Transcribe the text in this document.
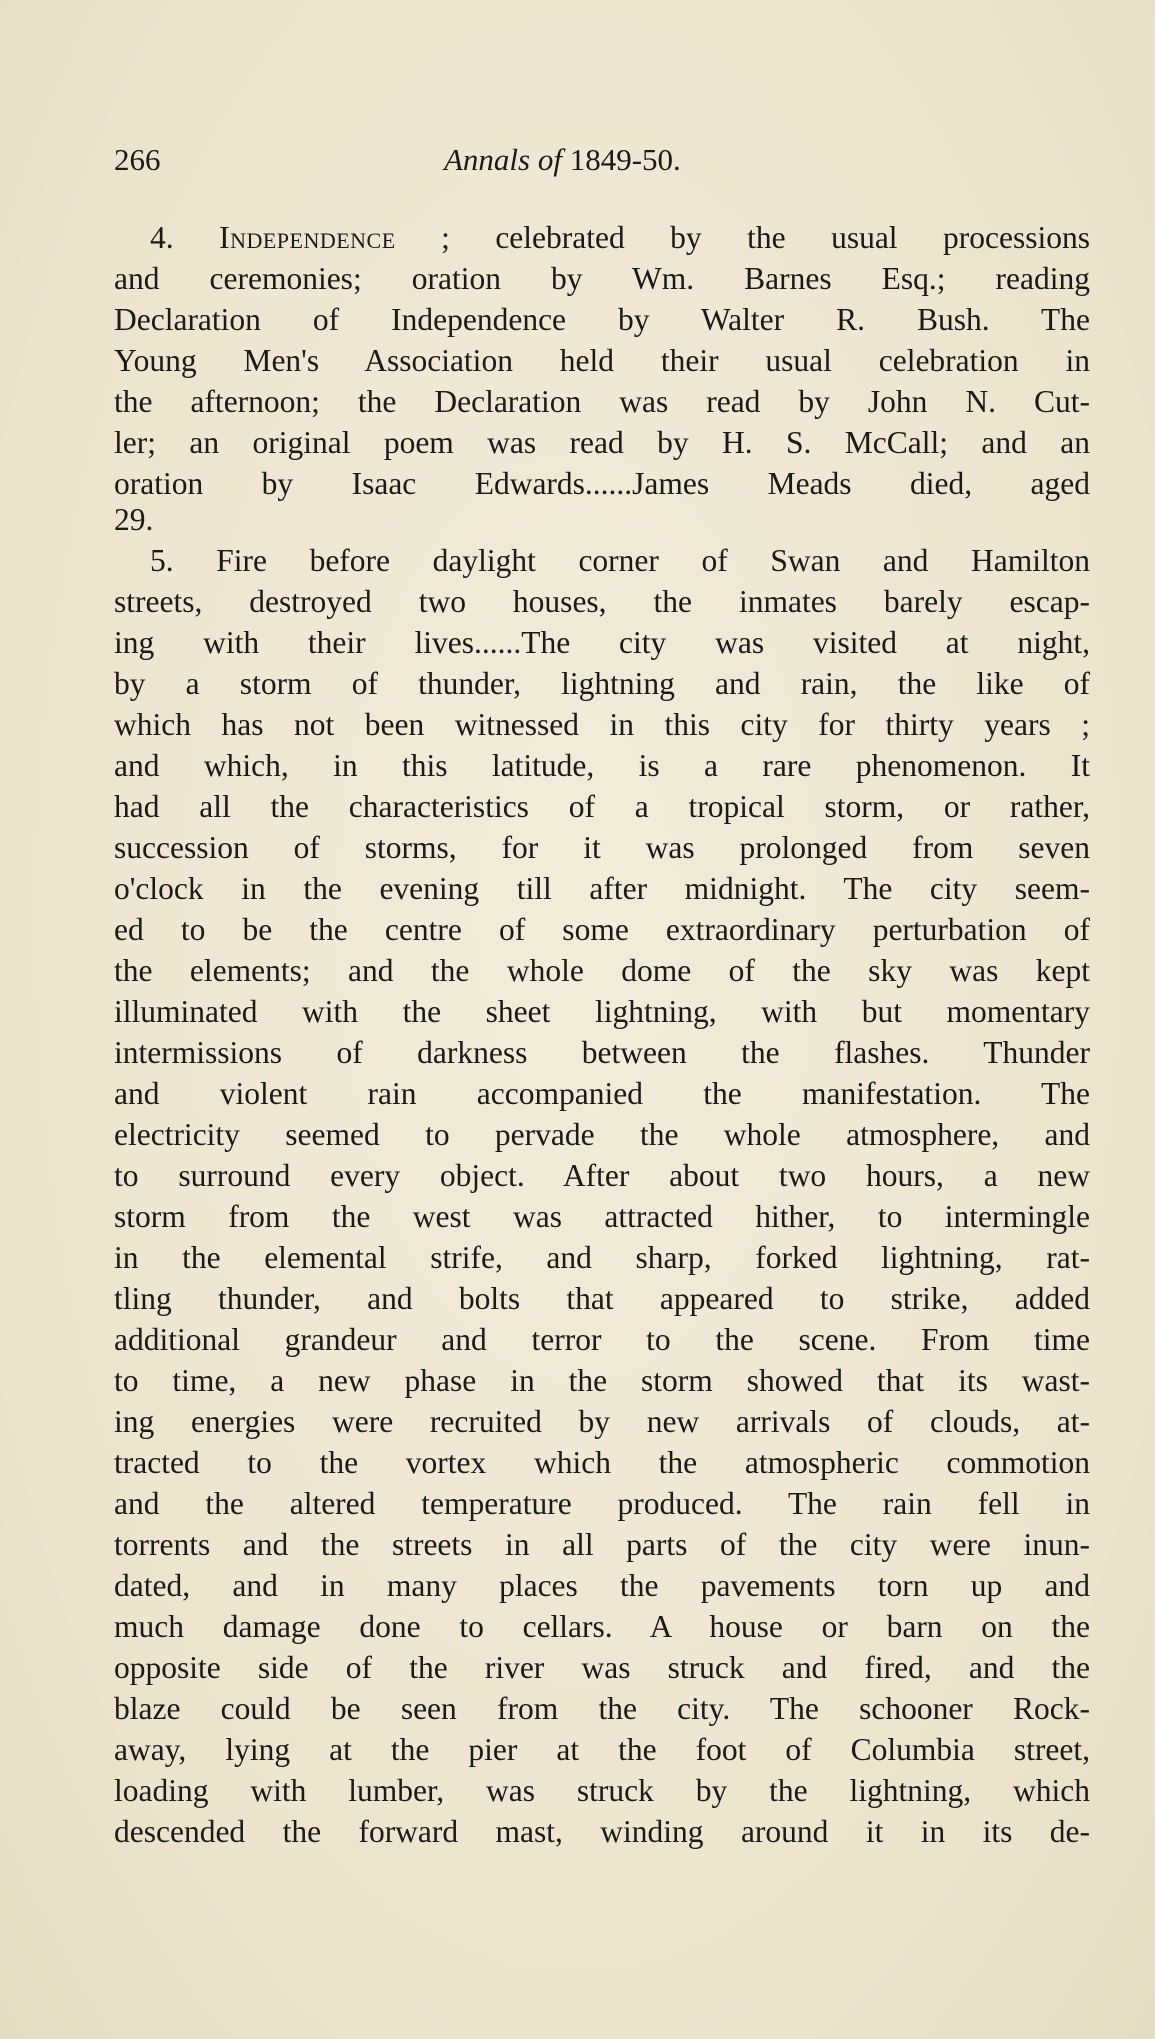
266	Annals of 1849-50.
4. Independence ; celebrated by the usual processions
and ceremonies; oration by Wm. Barnes Esq.; reading
Declaration of Independence by Walter R. Bush. The
Young Men's Association held their usual celebration in
the afternoon; the Declaration was read by John N. Cut-
ler; an original poem was read by H. S. McCall; and an
oration by Isaac Edwards......James Meads died, aged
29.
5. Fire before daylight corner of Swan and Hamilton
streets, destroyed two houses, the inmates barely escap-
ing with their lives......The city was visited at night,
by a storm of thunder, lightning and rain, the like of
which has not been witnessed in this city for thirty years ;
and which, in this latitude, is a rare phenomenon. It
had all the characteristics of a tropical storm, or rather,
succession of storms, for it was prolonged from seven
o'clock in the evening till after midnight. The city seem-
ed to be the centre of some extraordinary perturbation of
the elements; and the whole dome of the sky was kept
illuminated with the sheet lightning, with but momentary
intermissions of darkness between the flashes. Thunder
and violent rain accompanied the manifestation. The
electricity seemed to pervade the whole atmosphere, and
to surround every object. After about two hours, a new
storm from the west was attracted hither, to intermingle
in the elemental strife, and sharp, forked lightning, rat-
tling thunder, and bolts that appeared to strike, added
additional grandeur and terror to the scene. From time
to time, a new phase in the storm showed that its wast-
ing energies were recruited by new arrivals of clouds, at-
tracted to the vortex which the atmospheric commotion
and the altered temperature produced. The rain fell in
torrents and the streets in all parts of the city were inun-
dated, and in many places the pavements torn up and
much damage done to cellars. A house or barn on the
opposite side of the river was struck and fired, and the
blaze could be seen from the city. The schooner Rock-
away, lying at the pier at the foot of Columbia street,
loading with lumber, was struck by the lightning, which
descended the forward mast, winding around it in its de-
